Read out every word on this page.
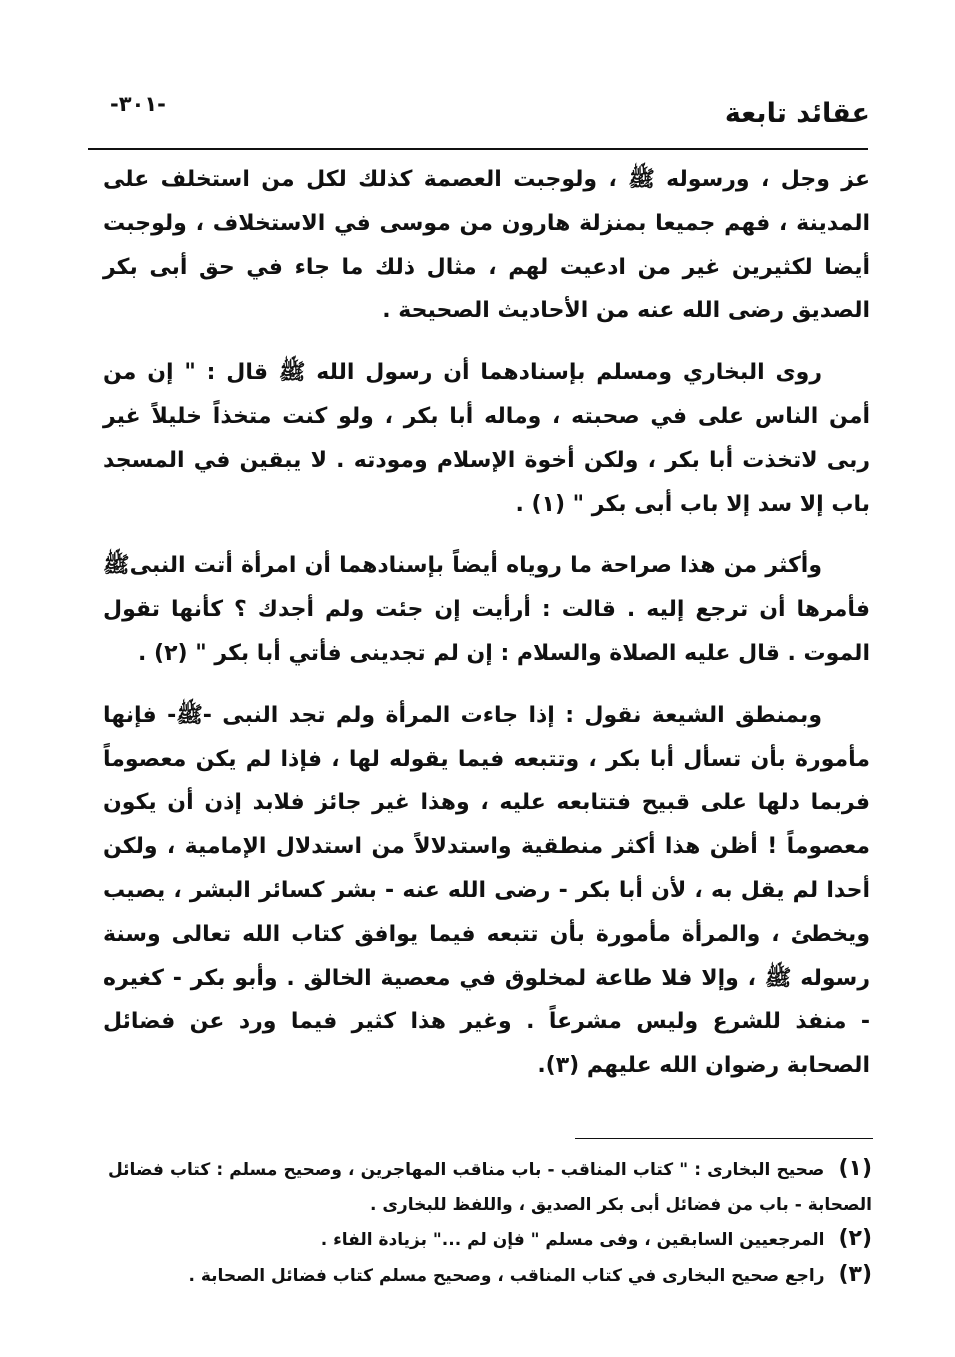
عقائد تابعة
-٣٠١-

عز وجل ، ورسوله ﷺ ، ولوجبت العصمة كذلك لكل من استخلف على المدينة ، فهم جميعا بمنزلة هارون من موسى في الاستخلاف ، ولوجبت أيضا لكثيرين غير من ادعيت لهم ، مثال ذلك ما جاء في حق أبى بكر الصديق رضى الله عنه من الأحاديث الصحيحة .

روى البخاري ومسلم بإسنادهما أن رسول الله ﷺ قال : " إن من أمن الناس على في صحبته ، وماله أبا بكر ، ولو كنت متخذاً خليلاً غير ربى لاتخذت أبا بكر ، ولكن أخوة الإسلام ومودته . لا يبقين في المسجد باب إلا سد إلا باب أبى بكر " (١) .

وأكثر من هذا صراحة ما روياه أيضاً بإسنادهما أن امرأة أتت النبىﷺ فأمرها أن ترجع إليه . قالت : أرأيت إن جئت ولم أجدك ؟ كأنها تقول الموت . قال عليه الصلاة والسلام : إن لم تجدينى فأتي أبا بكر " (٢) .

وبمنطق الشيعة نقول : إذا جاءت المرأة ولم تجد النبى -ﷺ- فإنها مأمورة بأن تسأل أبا بكر ، وتتبعه فيما يقوله لها ، فإذا لم يكن معصوماً فربما دلها على قبيح فتتابعه عليه ، وهذا غير جائز فلابد إذن أن يكون معصوماً ! أظن هذا أكثر منطقية واستدلالاً من استدلال الإمامية ، ولكن أحدا لم يقل به ، لأن أبا بكر - رضى الله عنه - بشر كسائر البشر ، يصيب ويخطئ ، والمرأة مأمورة بأن تتبعه فيما يوافق كتاب الله تعالى وسنة رسوله ﷺ ، وإلا فلا طاعة لمخلوق في معصية الخالق . وأبو بكر - كغيره - منفذ للشرع وليس مشرعاً . وغير هذا كثير فيما ورد عن فضائل الصحابة رضوان الله عليهم (٣).

(١) صحيح البخارى : " كتاب المناقب - باب مناقب المهاجرين ، وصحيح مسلم : كتاب فضائل الصحابة - باب من فضائل أبى بكر الصديق ، واللفظ للبخارى .

(٢) المرجعيين السابقين ، وفى مسلم " فإن لم ..." بزيادة الفاء .

(٣) راجع صحيح البخارى في كتاب المناقب ، وصحيح مسلم كتاب فضائل الصحابة .
